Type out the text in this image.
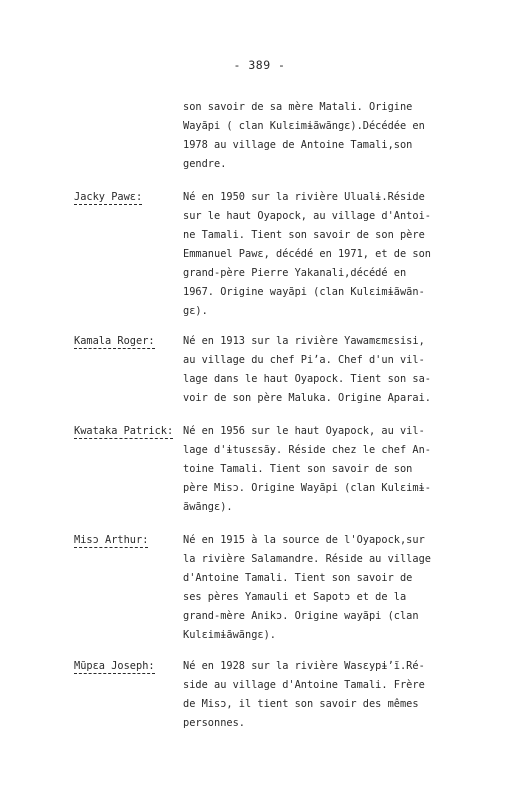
- 389 -
son savoir de sa mère Matali. Origine
Wayãpi ( clan Kulɛimɨãwãngɛ).Décédée en
1978 au village de Antoine Tamali,son
gendre.
Jacky Pawɛ:	Né en 1950 sur la rivière Ulualɨ.Réside
sur le haut Oyapock, au village d'Antoi-
ne Tamali. Tient son savoir de son père
Emmanuel Pawɛ, décédé en 1971, et de son
grand-père Pierre Yakanali,décédé en
1967. Origine wayãpi (clan Kulɛimɨãwãn-
gɛ).
Kamala Roger:	Né en 1913 sur la rivière Yawamɛmɛsisi,
au village du chef Piʼa. Chef d'un vil-
lage dans le haut Oyapock. Tient son sa-
voir de son père Maluka. Origine Aparai.
Kwataka Patrick: Né en 1956 sur le haut Oyapock, au vil-
lage d'ɨtusɛsãy. Réside chez le chef An-
toine Tamali. Tient son savoir de son
père Misɔ. Origine Wayãpi (clan Kulɛimɨ-
ãwãngɛ).
Misɔ Arthur:	Né en 1915 à la source de l'Oyapock,sur
la rivière Salamandre. Réside au village
d'Antoine Tamali. Tient son savoir de
ses pères Yamauli et Sapotɔ et de la
grand-mère Anikɔ. Origine wayãpi (clan
Kulɛimɨãwãngɛ).
Mũpɛa Joseph:	Né en 1928 sur la rivière Wasɛypɨʼĩ.Ré-
side au village d'Antoine Tamali. Frère
de Misɔ, il tient son savoir des mêmes
personnes.
